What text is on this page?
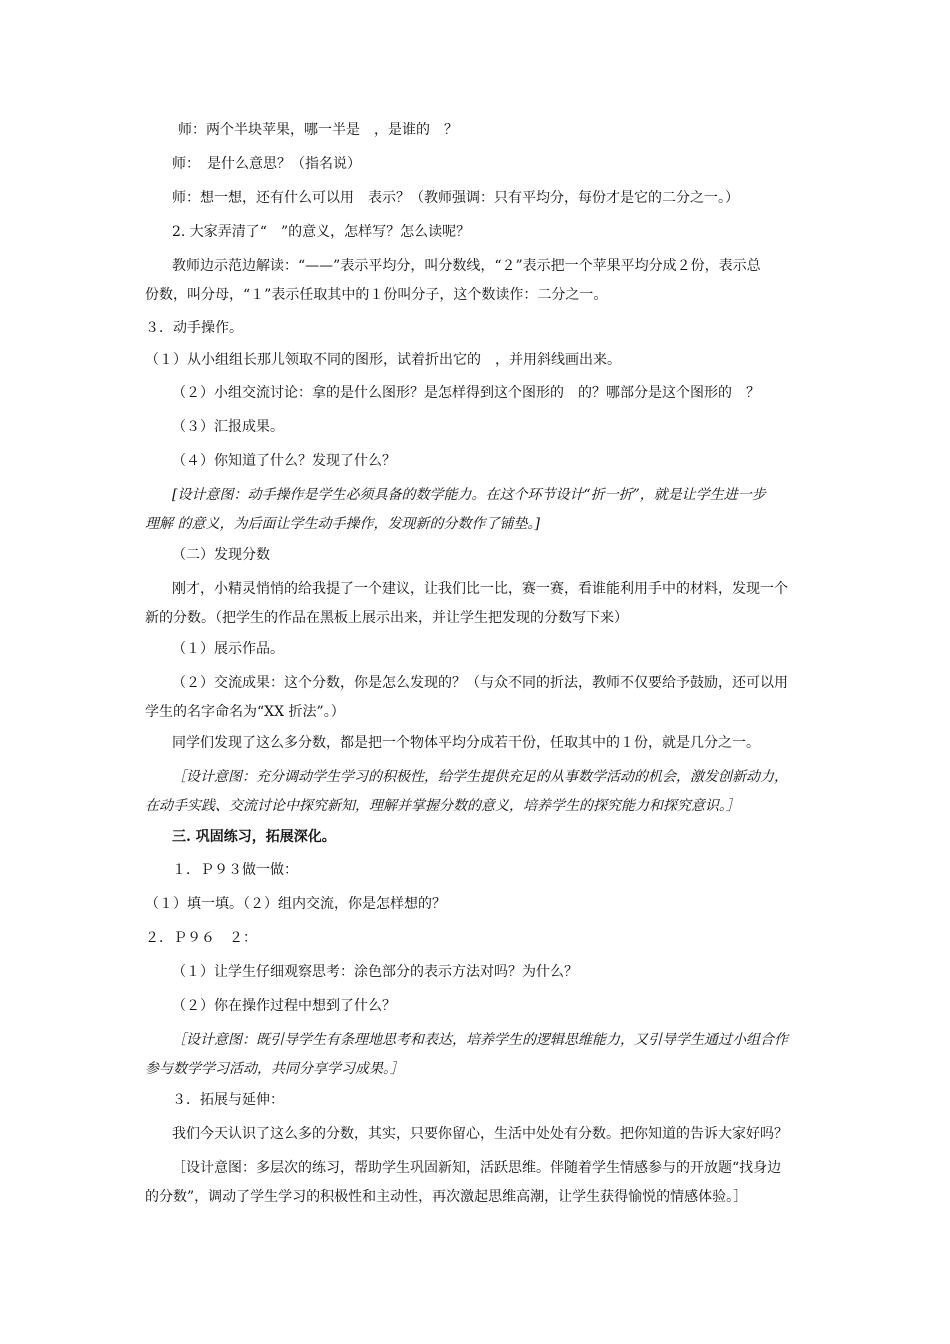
师：两个半块苹果，哪一半是　，是谁的　？

师：　是什么意思？（指名说）

师：想一想，还有什么可以用　表示？（教师强调：只有平均分，每份才是它的二分之一。）

2. 大家弄清了“　”的意义，怎样写？怎么读呢？

教师边示范边解读：“——”表示平均分，叫分数线，“２”表示把一个苹果平均分成２份，表示总
份数，叫分母，“１”表示任取其中的１份叫分子，这个数读作：二分之一。

３．动手操作。

（１）从小组组长那儿领取不同的图形，试着折出它的　，并用斜线画出来。

（２）小组交流讨论：拿的是什么图形？是怎样得到这个图形的　的？哪部分是这个图形的　？

（３）汇报成果。

（４）你知道了什么？发现了什么？

[设计意图：动手操作是学生必须具备的数学能力。在这个环节设计“折一折”，就是让学生进一步
理解 的意义，为后面让学生动手操作，发现新的分数作了铺垫。]

（二）发现分数

刚才，小精灵悄悄的给我提了一个建议，让我们比一比，赛一赛，看谁能利用手中的材料，发现一个
新的分数。（把学生的作品在黑板上展示出来，并让学生把发现的分数写下来）

（１）展示作品。

（２）交流成果：这个分数，你是怎么发现的？（与众不同的折法，教师不仅要给予鼓励，还可以用
学生的名字命名为“XX 折法”。）

同学们发现了这么多分数，都是把一个物体平均分成若干份，任取其中的１份，就是几分之一。

［设计意图：充分调动学生学习的积极性，给学生提供充足的从事数学活动的机会，激发创新动力，
在动手实践、交流讨论中探究新知，理解并掌握分数的意义，培养学生的探究能力和探究意识。］

三. 巩固练习，拓展深化。

１．Ｐ９３做一做：

（１）填一填。（２）组内交流，你是怎样想的？

２．Ｐ９６　２：

（１）让学生仔细观察思考：涂色部分的表示方法对吗？为什么？

（２）你在操作过程中想到了什么？

［设计意图：既引导学生有条理地思考和表达，培养学生的逻辑思维能力，又引导学生通过小组合作
参与数学学习活动，共同分享学习成果。］

３．拓展与延伸：

我们今天认识了这么多的分数，其实，只要你留心，生活中处处有分数。把你知道的告诉大家好吗？

［设计意图：多层次的练习，帮助学生巩固新知，活跃思维。伴随着学生情感参与的开放题“找身边
的分数”，调动了学生学习的积极性和主动性，再次激起思维高潮，让学生获得愉悦的情感体验。］
